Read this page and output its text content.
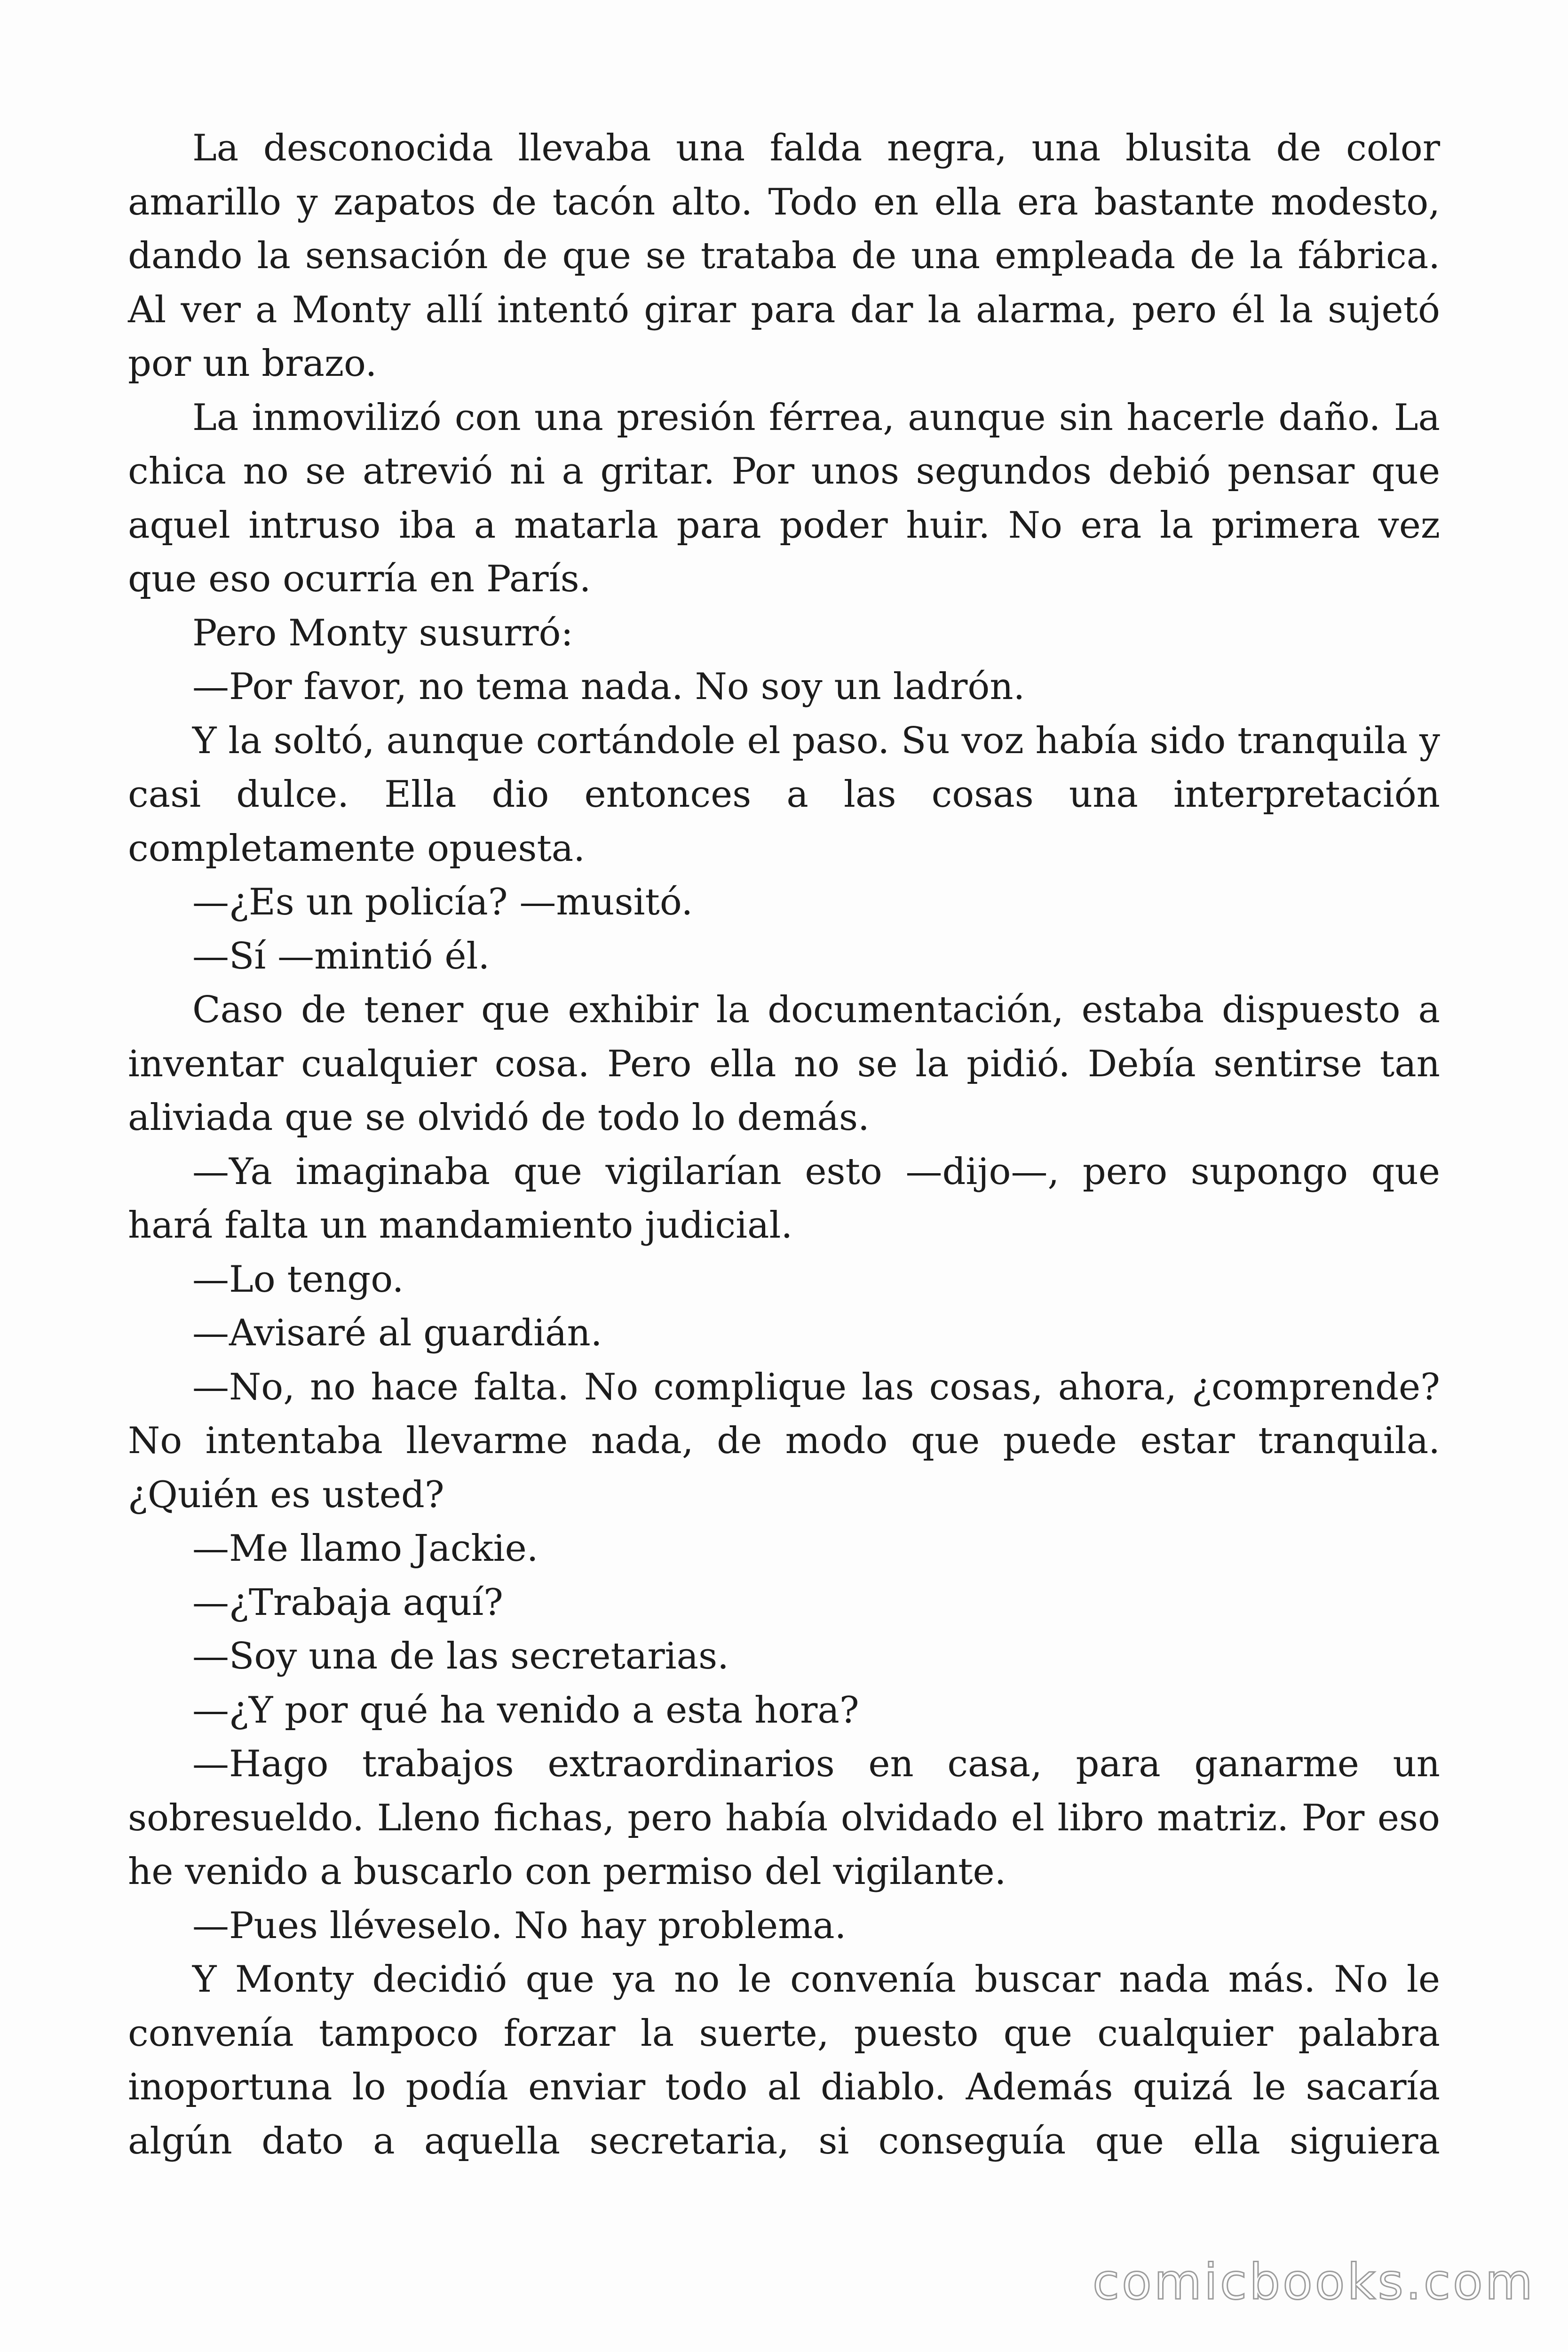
La desconocida llevaba una falda negra, una blusita de color amarillo y zapatos de tacón alto. Todo en ella era bastante modesto, dando la sensación de que se trataba de una empleada de la fábrica. Al ver a Monty allí intentó girar para dar la alarma, pero él la sujetó por un brazo.

La inmovilizó con una presión férrea, aunque sin hacerle daño. La chica no se atrevió ni a gritar. Por unos segundos debió pensar que aquel intruso iba a matarla para poder huir. No era la primera vez que eso ocurría en París.

Pero Monty susurró:

—Por favor, no tema nada. No soy un ladrón.

Y la soltó, aunque cortándole el paso. Su voz había sido tranquila y casi dulce. Ella dio entonces a las cosas una interpretación completamente opuesta.

—¿Es un policía? —musitó.

—Sí —mintió él.

Caso de tener que exhibir la documentación, estaba dispuesto a inventar cualquier cosa. Pero ella no se la pidió. Debía sentirse tan aliviada que se olvidó de todo lo demás.

—Ya imaginaba que vigilarían esto —dijo—, pero supongo que hará falta un mandamiento judicial.

—Lo tengo.

—Avisaré al guardián.

—No, no hace falta. No complique las cosas, ahora, ¿comprende? No intentaba llevarme nada, de modo que puede estar tranquila. ¿Quién es usted?

—Me llamo Jackie.

—¿Trabaja aquí?

—Soy una de las secretarias.

—¿Y por qué ha venido a esta hora?

—Hago trabajos extraordinarios en casa, para ganarme un sobresueldo. Lleno fichas, pero había olvidado el libro matriz. Por eso he venido a buscarlo con permiso del vigilante.

—Pues lléveselo. No hay problema.

Y Monty decidió que ya no le convenía buscar nada más. No le convenía tampoco forzar la suerte, puesto que cualquier palabra inoportuna lo podía enviar todo al diablo. Además quizá le sacaría algún dato a aquella secretaria, si conseguía que ella siguiera

comicbooks.com
